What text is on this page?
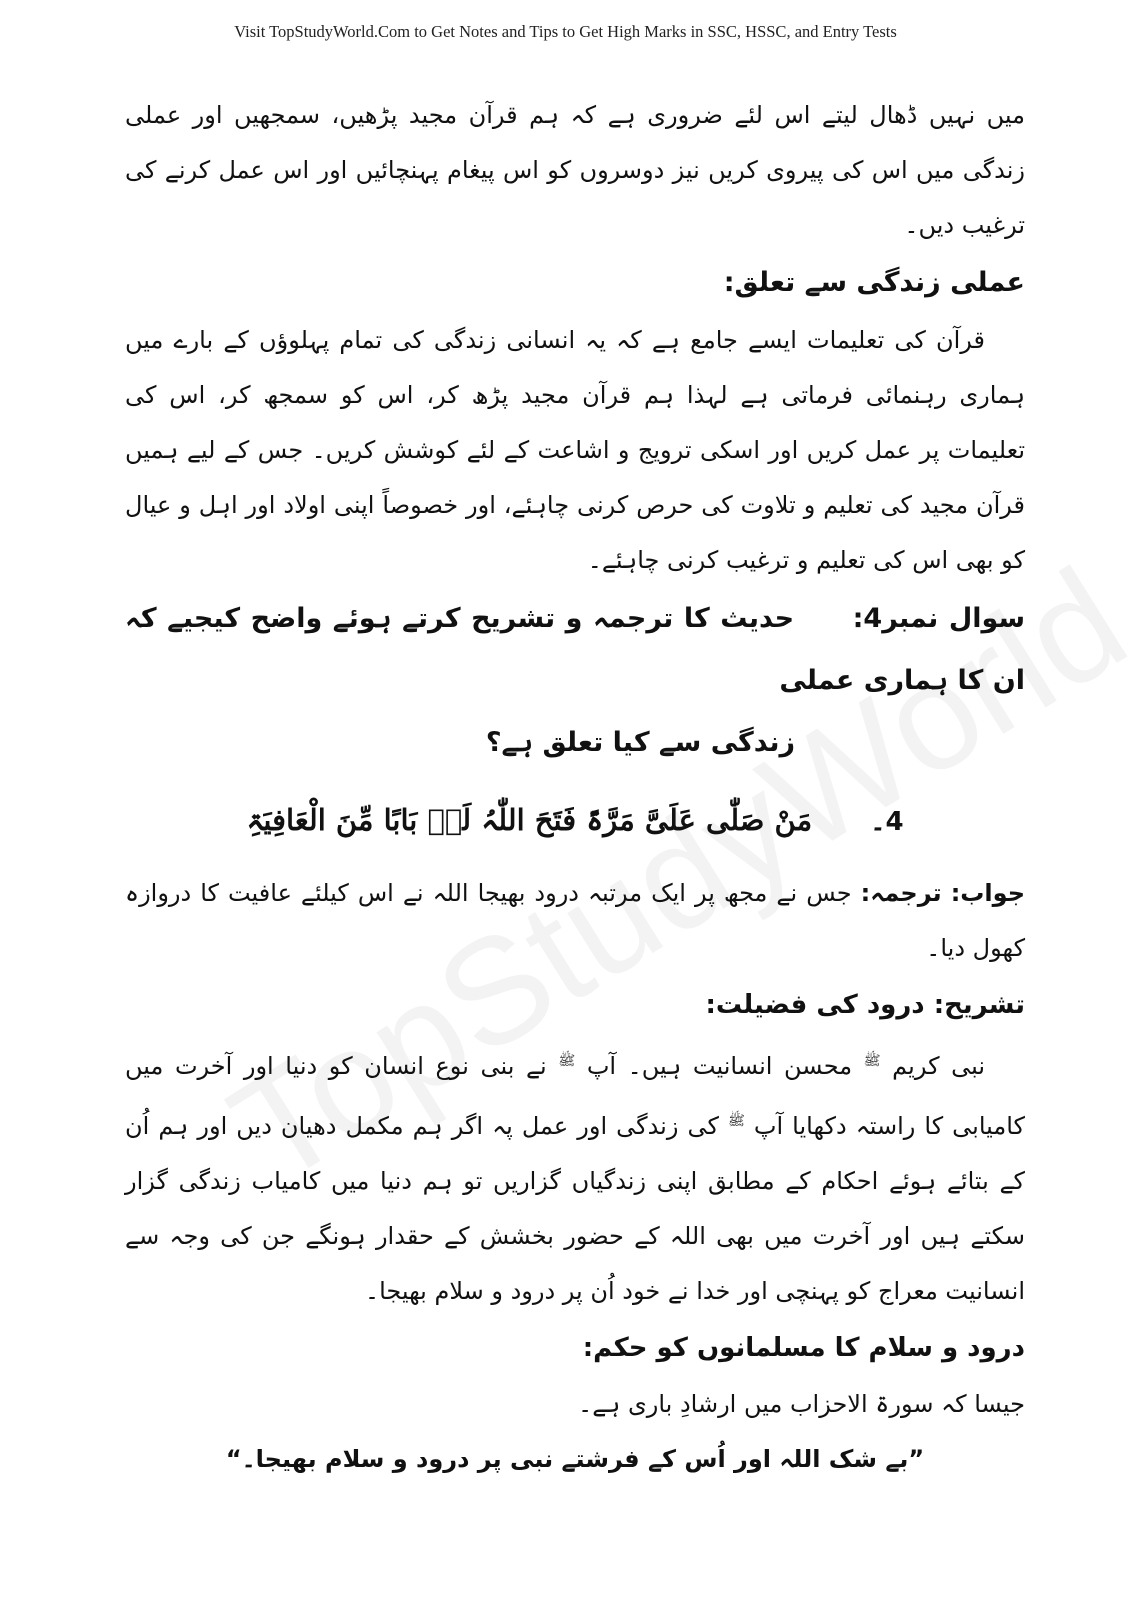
Visit TopStudyWorld.Com to Get Notes and Tips to Get High Marks in SSC, HSSC, and Entry Tests

میں نہیں ڈھال لیتے اس لئے ضروری ہے کہ ہم قرآن مجید پڑھیں، سمجھیں اور عملی زندگی میں اس کی پیروی کریں نیز دوسروں کو اس پیغام پہنچائیں اور اس عمل کرنے کی ترغیب دیں۔

عملی زندگی سے تعلق:

قرآن کی تعلیمات ایسے جامع ہے کہ یہ انسانی زندگی کی تمام پہلوؤں کے بارے میں ہماری رہنمائی فرماتی ہے لہذا ہم قرآن مجید پڑھ کر، اس کو سمجھ کر، اس کی تعلیمات پر عمل کریں اور اسکی ترویج و اشاعت کے لئے کوشش کریں۔ جس کے لیے ہمیں قرآن مجید کی تعلیم و تلاوت کی حرص کرنی چاہئے، اور خصوصاً اپنی اولاد اور اہل و عیال کو بھی اس کی تعلیم و ترغیب کرنی چاہئے۔

سوال نمبر4: حدیث کا ترجمہ و تشریح کرتے ہوئے واضح کیجیے کہ ان کا ہماری عملی
زندگی سے کیا تعلق ہے؟
4۔ مَنْ صَلّٰی عَلَیَّ مَرَّۃً فَتَحَ اللّٰہُ لَہٗ بَابًا مِّنَ الْعَافِیَۃِ

جواب: ترجمہ: جس نے مجھ پر ایک مرتبہ درود بھیجا اللہ نے اس کیلئے عافیت کا دروازہ کھول دیا۔

تشریح: درود کی فضیلت:

نبی کریم $^ﷺ$ محسن انسانیت ہیں۔ آپ $^ﷺ$ نے بنی نوع انسان کو دنیا اور آخرت میں کامیابی کا راستہ دکھایا آپ $^ﷺ$ کی زندگی اور عمل پہ اگر ہم مکمل دھیان دیں اور ہم اُن کے بتائے ہوئے احکام کے مطابق اپنی زندگیاں گزاریں تو ہم دنیا میں کامیاب زندگی گزار سکتے ہیں اور آخرت میں بھی اللہ کے حضور بخشش کے حقدار ہونگے جن کی وجہ سے انسانیت معراج کو پہنچی اور خدا نے خود اُن پر درود و سلام بھیجا۔

درود و سلام کا مسلمانوں کو حکم:

جیسا کہ سورۃ الاحزاب میں ارشادِ باری ہے۔

”بے شک اللہ اور اُس کے فرشتے نبی پر درود و سلام بھیجا۔“
